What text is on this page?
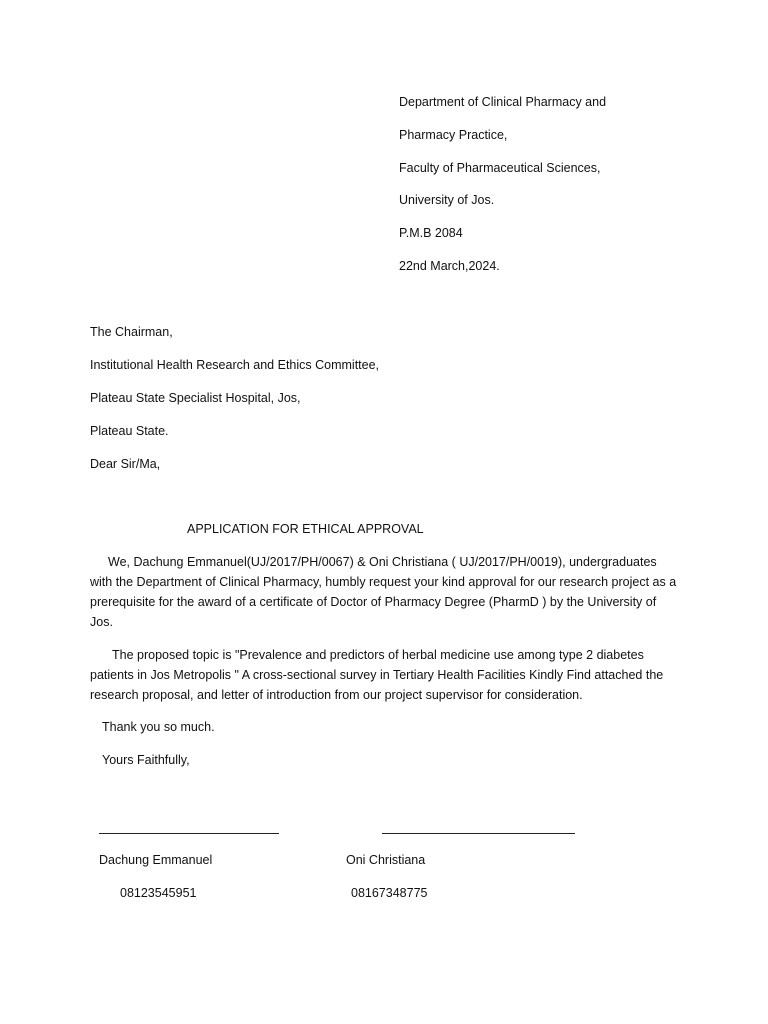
Department of Clinical Pharmacy and
Pharmacy Practice,
Faculty of Pharmaceutical Sciences,
University of Jos.
P.M.B 2084
22nd March,2024.
The Chairman,
Institutional Health Research and Ethics Committee,
Plateau State Specialist Hospital, Jos,
Plateau State.
Dear Sir/Ma,
APPLICATION FOR ETHICAL APPROVAL
We, Dachung Emmanuel(UJ/2017/PH/0067) & Oni Christiana ( UJ/2017/PH/0019), undergraduates with the Department of Clinical Pharmacy, humbly request your kind approval for our research project as a prerequisite for the award of a certificate of Doctor of Pharmacy Degree (PharmD ) by the University of Jos.
The proposed topic is "Prevalence and predictors of herbal medicine use among type 2 diabetes patients in Jos Metropolis " A cross-sectional survey in Tertiary Health Facilities Kindly Find attached the research proposal, and letter of introduction from our project supervisor for consideration.
Thank you so much.
Yours Faithfully,
Dachung Emmanuel	Oni Christiana
08123545951	08167348775
